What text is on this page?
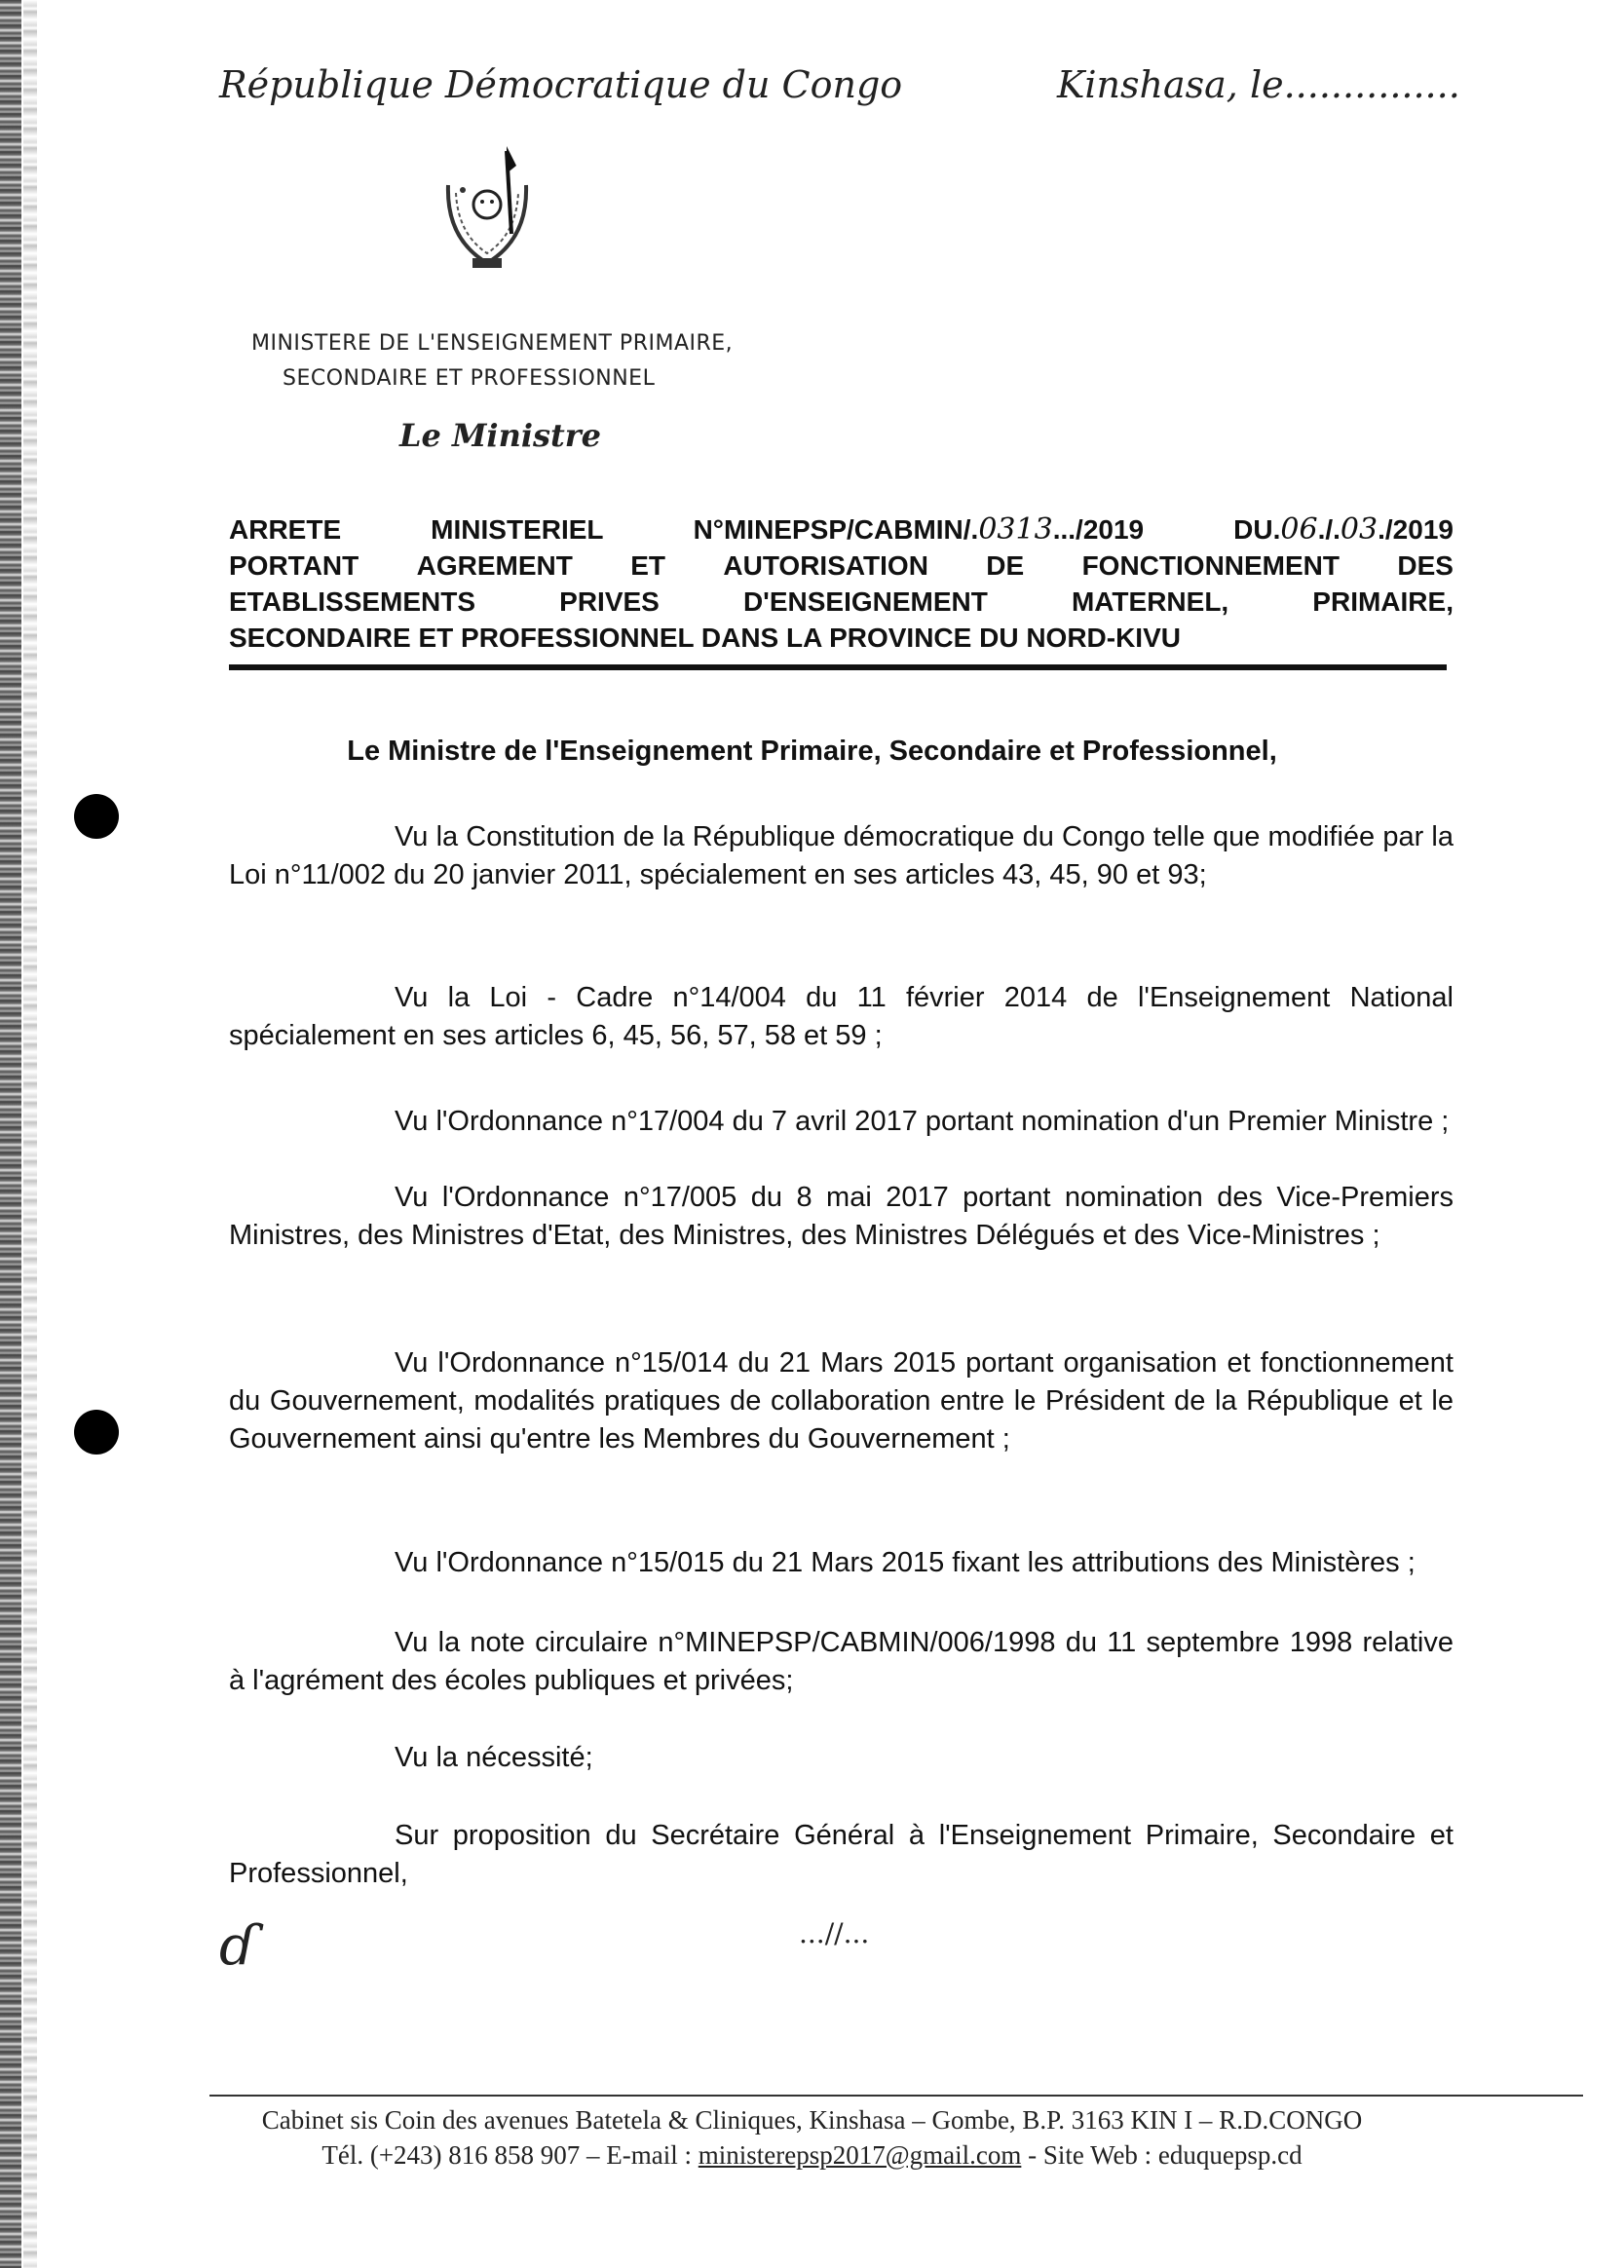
République Démocratique du Congo	Kinshasa, le...............
MINISTERE DE L'ENSEIGNEMENT PRIMAIRE,
SECONDAIRE ET PROFESSIONNEL
Le Ministre
ARRETE	MINISTERIEL	N°MINEPSP/CABMIN/.0313.../2019	DU.06./.03./2019
PORTANT AGREMENT ET AUTORISATION DE FONCTIONNEMENT DES
ETABLISSEMENTS	PRIVES	D'ENSEIGNEMENT	MATERNEL,	PRIMAIRE,
SECONDAIRE ET PROFESSIONNEL DANS LA PROVINCE DU NORD-KIVU
Le Ministre de l'Enseignement Primaire, Secondaire et Professionnel,

Vu la Constitution de la République démocratique du Congo telle que modifiée par la Loi n°11/002 du 20 janvier 2011, spécialement en ses articles 43, 45, 90 et 93;

Vu la Loi - Cadre n°14/004 du 11 février 2014 de l'Enseignement National spécialement en ses articles 6, 45, 56, 57, 58 et 59 ;

Vu l'Ordonnance n°17/004 du 7 avril 2017 portant nomination d'un Premier Ministre ;

Vu l'Ordonnance n°17/005 du 8 mai 2017 portant nomination des Vice-Premiers Ministres, des Ministres d'Etat, des Ministres, des Ministres Délégués et des Vice-Ministres ;

Vu l'Ordonnance n°15/014 du 21 Mars 2015 portant organisation et fonctionnement du Gouvernement, modalités pratiques de collaboration entre le Président de la République et le Gouvernement ainsi qu'entre les Membres du Gouvernement ;

Vu l'Ordonnance n°15/015 du 21 Mars 2015 fixant les attributions des Ministères ;

Vu la note circulaire n°MINEPSP/CABMIN/006/1998 du 11 septembre 1998 relative à l'agrément des écoles publiques et privées;

Vu la nécessité;

Sur proposition du Secrétaire Général à l'Enseignement Primaire, Secondaire et Professionnel,

ɗ	...//...
Cabinet sis Coin des avenues Batetela & Cliniques, Kinshasa – Gombe, B.P. 3163 KIN I – R.D.CONGO
Tél. (+243) 816 858 907 – E-mail : ministerepsp2017@gmail.com - Site Web : eduquepsp.cd
